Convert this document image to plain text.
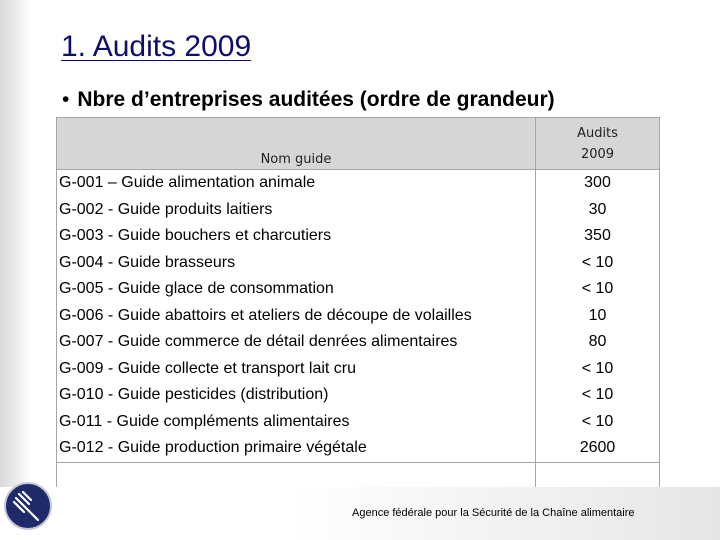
1. Audits 2009
• Nbre d’entreprises auditées (ordre de grandeur)
Nom guide	Audits
2009

G-001 – Guide alimentation animale	300
G-002 - Guide produits laitiers	30
G-003 - Guide bouchers et charcutiers	350
G-004 - Guide brasseurs	< 10
G-005 - Guide glace de consommation	< 10
G-006 - Guide abattoirs et ateliers de découpe de volailles	10
G-007 - Guide commerce de détail denrées alimentaires	80
G-009 - Guide collecte et transport lait cru	< 10
G-010 - Guide pesticides (distribution)	< 10
G-011 - Guide compléments alimentaires	< 10
G-012 - Guide production primaire végétale	2600

Agence fédérale pour la Sécurité de la Chaîne alimentaire
